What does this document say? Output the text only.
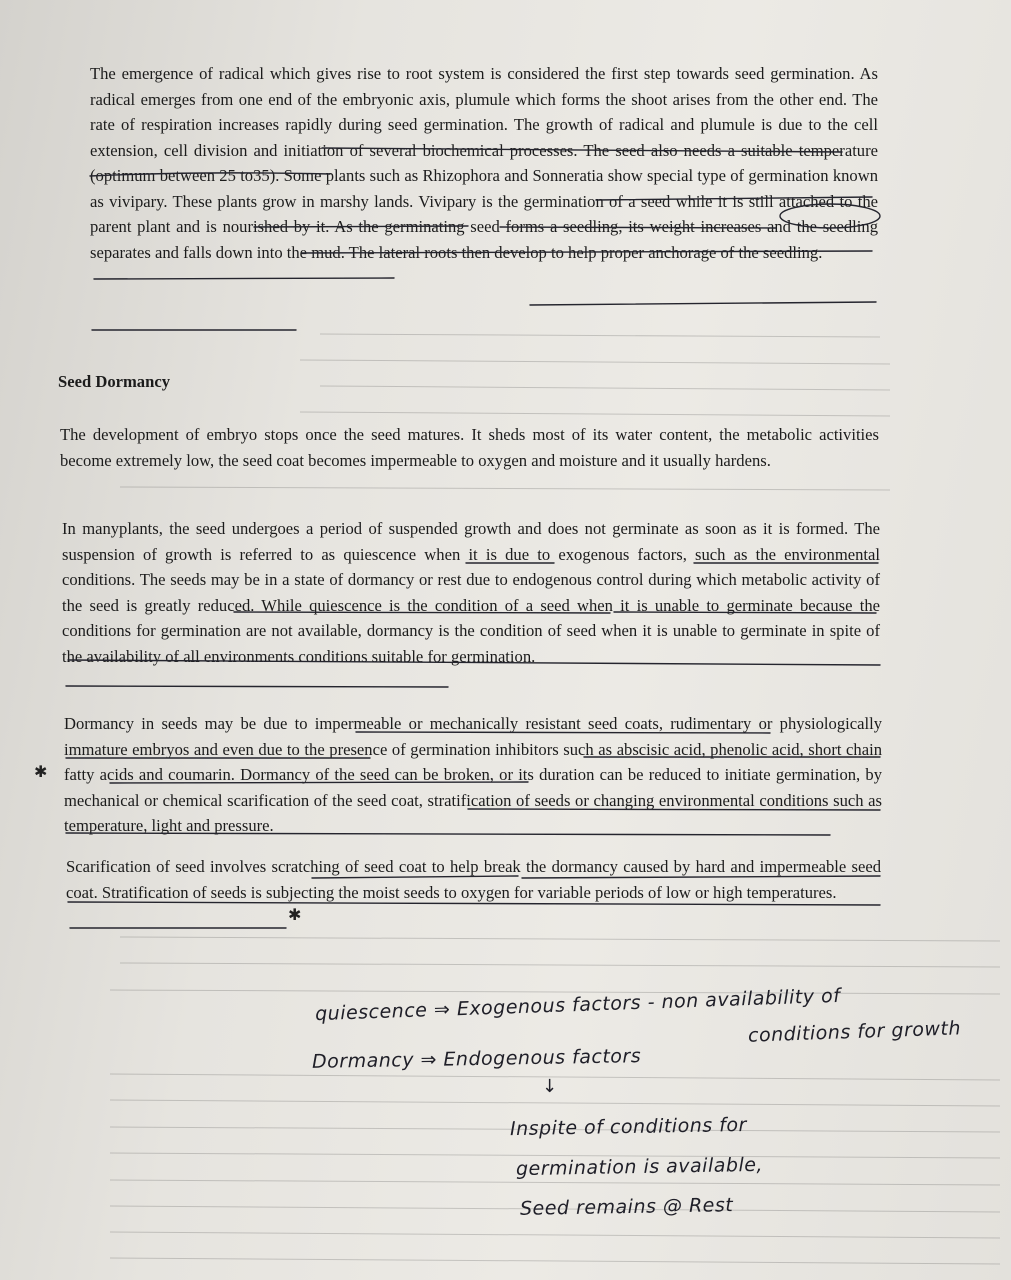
The emergence of radical which gives rise to root system is considered the first step towards seed germination. As radical emerges from one end of the embryonic axis, plumule which forms the shoot arises from the other end. The rate of respiration increases rapidly during seed germination. The growth of radical and plumule is due to the cell extension, cell division and initiation of several biochemical processes. The seed also needs a suitable temperature (optimum between 25 to35). Some plants such as Rhizophora and Sonneratia show special type of germination known as vivipary. These plants grow in marshy lands. Vivipary is the germination of a seed while it is still attached to the parent plant and is nourished by it. As the germinating seed forms a seedling, its weight increases and the seedling separates and falls down into the mud. The lateral roots then develop to help proper anchorage of the seedling.

Seed Dormancy

The development of embryo stops once the seed matures. It sheds most of its water content, the metabolic activities become extremely low, the seed coat becomes impermeable to oxygen and moisture and it usually hardens.

In manyplants, the seed undergoes a period of suspended growth and does not germinate as soon as it is formed. The suspension of growth is referred to as quiescence when it is due to exogenous factors, such as the environmental conditions. The seeds may be in a state of dormancy or rest due to endogenous control during which metabolic activity of the seed is greatly reduced. While quiescence is the condition of a seed when it is unable to germinate because the conditions for germination are not available, dormancy is the condition of seed when it is unable to germinate in spite of the availability of all environments conditions suitable for germination.

Dormancy in seeds may be due to impermeable or mechanically resistant seed coats, rudimentary or physiologically immature embryos and even due to the presence of germination inhibitors such as abscisic acid, phenolic acid, short chain fatty acids and coumarin. Dormancy of the seed can be broken, or its duration can be reduced to initiate germination, by mechanical or chemical scarification of the seed coat, stratification of seeds or changing environmental conditions such as temperature, light and pressure.

Scarification of seed involves scratching of seed coat to help break the dormancy caused by hard and impermeable seed coat. Stratification of seeds is subjecting the moist seeds to oxygen for variable periods of low or high temperatures.

✱
✱
quiescence ⇒ Exogenous factors - non availability of
conditions for growth
Dormancy ⇒ Endogenous factors
↓
Inspite of conditions for
germination is available,
Seed remains @ Rest
